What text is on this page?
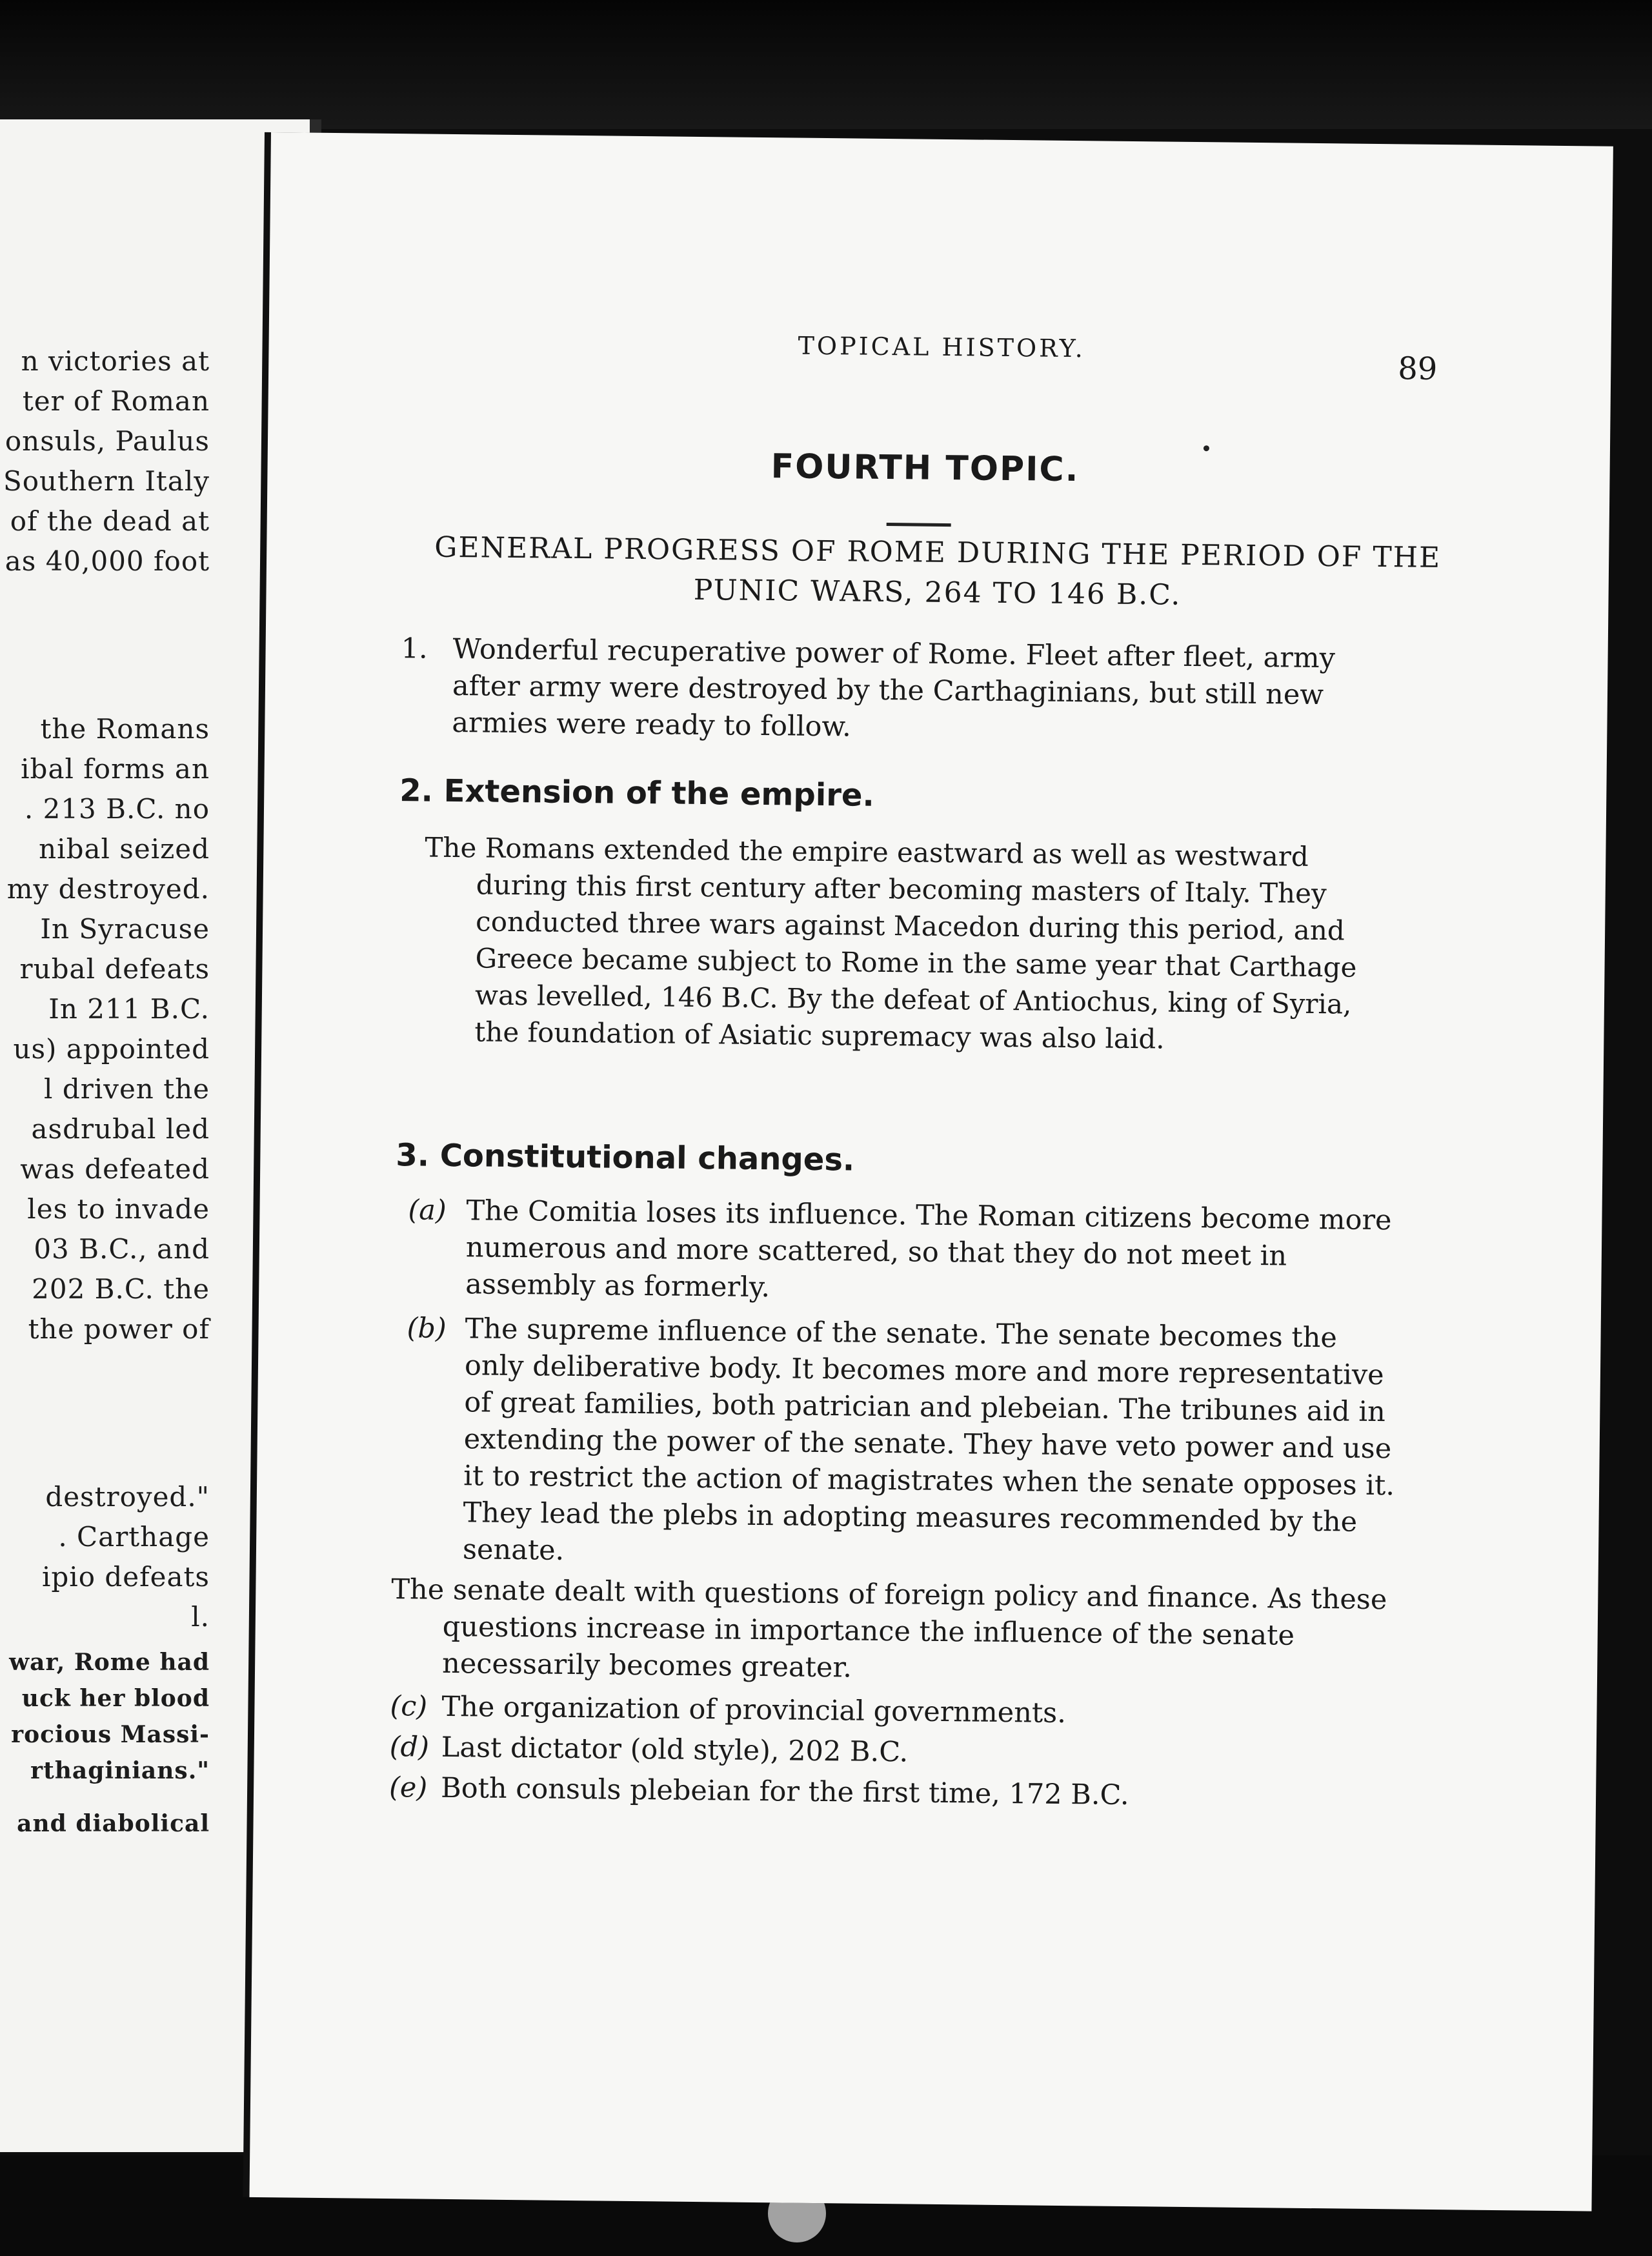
n victories at
ter of Roman
onsuls, Paulus
Southern Italy
of the dead at
as 40,000 foot
the Romans
ibal forms an
. 213 B.C. no
nibal seized
my destroyed.
In Syracuse
rubal defeats
In 211 B.C.
us) appointed
l driven the
asdrubal led
was defeated
les to invade
03 B.C., and
202 B.C. the
the power of
destroyed."
. Carthage
ipio defeats
l.
war, Rome had
uck her blood
rocious Massi-
rthaginians."
and diabolical
TOPICAL HISTORY.
89
FOURTH TOPIC.
GENERAL PROGRESS OF ROME DURING THE PERIOD OF THE PUNIC WARS, 264 TO 146 B.C.
1. Wonderful recuperative power of Rome. Fleet after fleet, army after army were destroyed by the Carthaginians, but still new armies were ready to follow.
2. Extension of the empire.
The Romans extended the empire eastward as well as westward during this first century after becoming masters of Italy. They conducted three wars against Macedon during this period, and Greece became subject to Rome in the same year that Carthage was levelled, 146 B.C. By the defeat of Antiochus, king of Syria, the foundation of Asiatic supremacy was also laid.
3. Constitutional changes.
(a) The Comitia loses its influence. The Roman citizens become more numerous and more scattered, so that they do not meet in assembly as formerly.
(b) The supreme influence of the senate. The senate becomes the only deliberative body. It becomes more and more representative of great families, both patrician and plebeian. The tribunes aid in extending the power of the senate. They have veto power and use it to restrict the action of magistrates when the senate opposes it. They lead the plebs in adopting measures recommended by the senate.
The senate dealt with questions of foreign policy and finance. As these questions increase in importance the influence of the senate necessarily becomes greater.
(c) The organization of provincial governments.
(d) Last dictator (old style), 202 B.C.
(e) Both consuls plebeian for the first time, 172 B.C.
